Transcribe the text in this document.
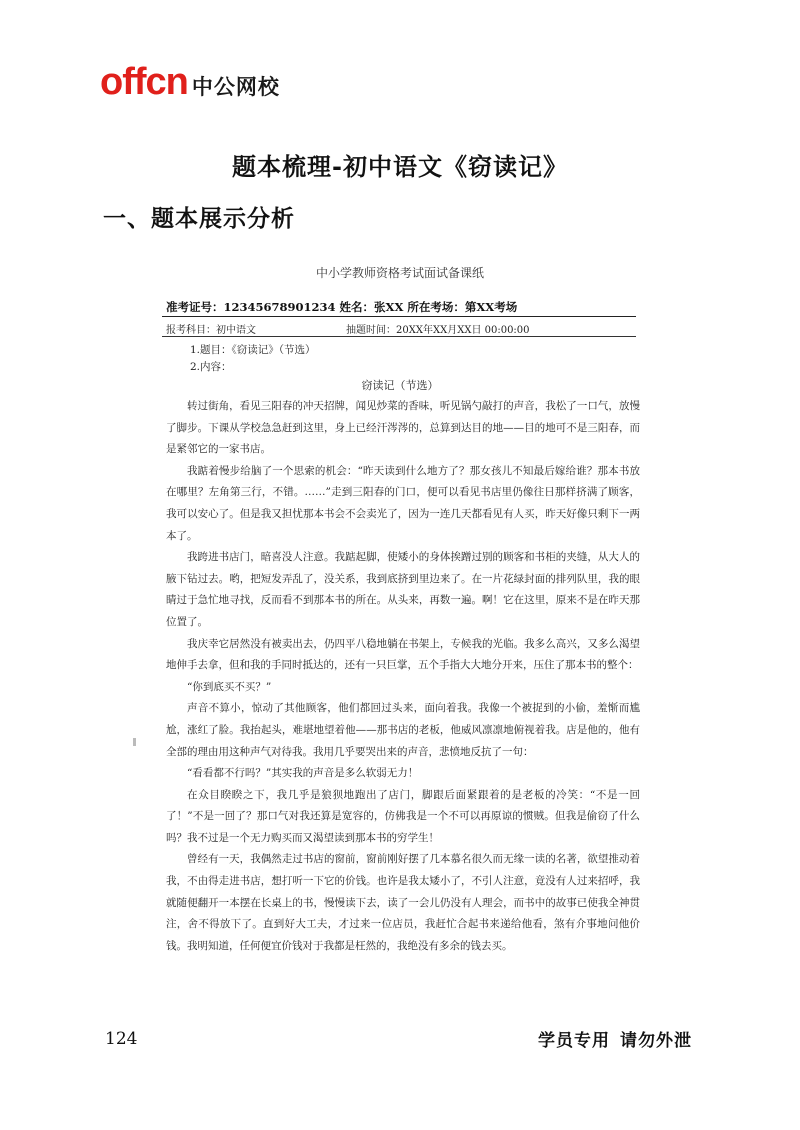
offcn 中公网校
题本梳理-初中语文《窃读记》
一、题本展示分析
中小学教师资格考试面试备课纸
准考证号：12345678901234 姓名：张XX 所在考场：第XX考场
报考科目：初中语文	抽题时间：20XX年XX月XX日 00:00:00
1.题目：《窃读记》（节选）
2.内容：
窃读记（节选）

转过街角，看见三阳春的冲天招牌，闻见炒菜的香味，听见锅勺敲打的声音，我松了一口气，放慢了脚步。下课从学校急急赶到这里，身上已经汗涔涔的，总算到达目的地——目的地可不是三阳春，而是紧邻它的一家书店。

我踮着慢步给脑了一个思索的机会：“昨天读到什么地方了？那女孩儿不知最后嫁给谁？那本书放在哪里？左角第三行，不错。……”走到三阳春的门口，便可以看见书店里仍像往日那样挤满了顾客，我可以安心了。但是我又担忧那本书会不会卖光了，因为一连几天都看见有人买，昨天好像只剩下一两本了。

我跨进书店门，暗喜没人注意。我踮起脚，使矮小的身体挨蹭过别的顾客和书柜的夹缝，从大人的腋下钻过去。哟，把短发弄乱了，没关系，我到底挤到里边来了。在一片花绿封面的排列队里，我的眼睛过于急忙地寻找，反而看不到那本书的所在。从头来，再数一遍。啊！它在这里，原来不是在昨天那位置了。

我庆幸它居然没有被卖出去，仍四平八稳地躺在书架上，专候我的光临。我多么高兴，又多么渴望地伸手去拿，但和我的手同时抵达的，还有一只巨掌，五个手指大大地分开来，压住了那本书的整个：

“你到底买不买？”

声音不算小，惊动了其他顾客，他们都回过头来，面向着我。我像一个被捉到的小偷，羞惭而尴尬，涨红了脸。我抬起头，难堪地望着他——那书店的老板，他威风凛凛地俯视着我。店是他的，他有全部的理由用这种声气对待我。我用几乎要哭出来的声音，悲愤地反抗了一句：

“看看都不行吗？”其实我的声音是多么软弱无力！

在众目睽睽之下，我几乎是狼狈地跑出了店门，脚跟后面紧跟着的是老板的冷笑：“不是一回了！”不是一回了？那口气对我还算是宽容的，仿佛我是一个不可以再原谅的惯贼。但我是偷窃了什么吗？我不过是一个无力购买而又渴望读到那本书的穷学生！

曾经有一天，我偶然走过书店的窗前，窗前刚好摆了几本慕名很久而无缘一读的名著，欲望推动着我，不由得走进书店，想打听一下它的价钱。也许是我太矮小了，不引人注意，竟没有人过来招呼，我就随便翻开一本摆在长桌上的书，慢慢读下去，读了一会儿仍没有人理会，而书中的故事已使我全神贯注，舍不得放下了。直到好大工夫，才过来一位店员，我赶忙合起书来递给他看，煞有介事地问他价钱。我明知道，任何便宜价钱对于我都是枉然的，我绝没有多余的钱去买。

124	学员专用 请勿外泄
